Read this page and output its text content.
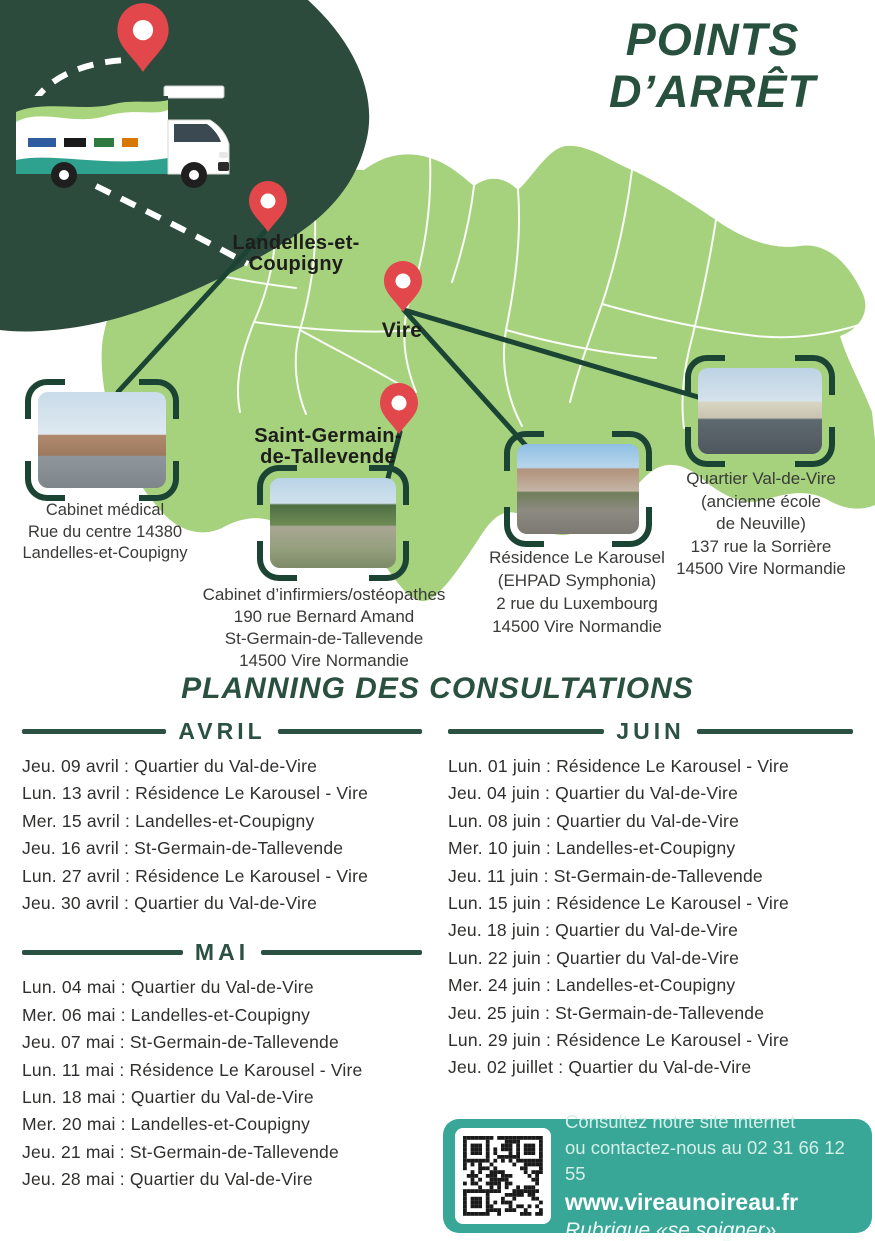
POINTS
D’ARRÊT
Landelles-et-
Coupigny
Vire
Saint-Germain-
de-Tallevende
Cabinet médical
Rue du centre 14380
Landelles-et-Coupigny
Cabinet d’infirmiers/ostéopathes
190 rue Bernard Amand
St-Germain-de-Tallevende
14500 Vire Normandie
Résidence Le Karousel
(EHPAD Symphonia)
2 rue du Luxembourg
14500 Vire Normandie
Quartier Val-de-Vire
(ancienne école
de Neuville)
137 rue la Sorrière
14500 Vire Normandie
PLANNING DES CONSULTATIONS
AVRIL
Jeu. 09 avril : Quartier du Val-de-Vire
Lun. 13 avril : Résidence Le Karousel - Vire
Mer. 15 avril : Landelles-et-Coupigny
Jeu. 16 avril : St-Germain-de-Tallevende
Lun. 27 avril : Résidence Le Karousel - Vire
Jeu. 30 avril : Quartier du Val-de-Vire
MAI
Lun. 04 mai : Quartier du Val-de-Vire
Mer. 06 mai : Landelles-et-Coupigny
Jeu. 07 mai : St-Germain-de-Tallevende
Lun. 11 mai : Résidence Le Karousel - Vire
Lun. 18 mai : Quartier du Val-de-Vire
Mer. 20 mai : Landelles-et-Coupigny
Jeu. 21 mai : St-Germain-de-Tallevende
Jeu. 28 mai : Quartier du Val-de-Vire
JUIN
Lun. 01 juin : Résidence Le Karousel - Vire
Jeu. 04 juin : Quartier du Val-de-Vire
Lun. 08 juin : Quartier du Val-de-Vire
Mer. 10 juin : Landelles-et-Coupigny
Jeu. 11 juin : St-Germain-de-Tallevende
Lun. 15 juin : Résidence Le Karousel - Vire
Jeu. 18 juin : Quartier du Val-de-Vire
Lun. 22 juin : Quartier du Val-de-Vire
Mer. 24 juin : Landelles-et-Coupigny
Jeu. 25 juin : St-Germain-de-Tallevende
Lun. 29 juin : Résidence Le Karousel - Vire
Jeu. 02 juillet : Quartier du Val-de-Vire
Consultez notre site internet
ou contactez-nous au 02 31 66 12 55
www.vireaunoireau.fr
Rubrique «se soigner»
